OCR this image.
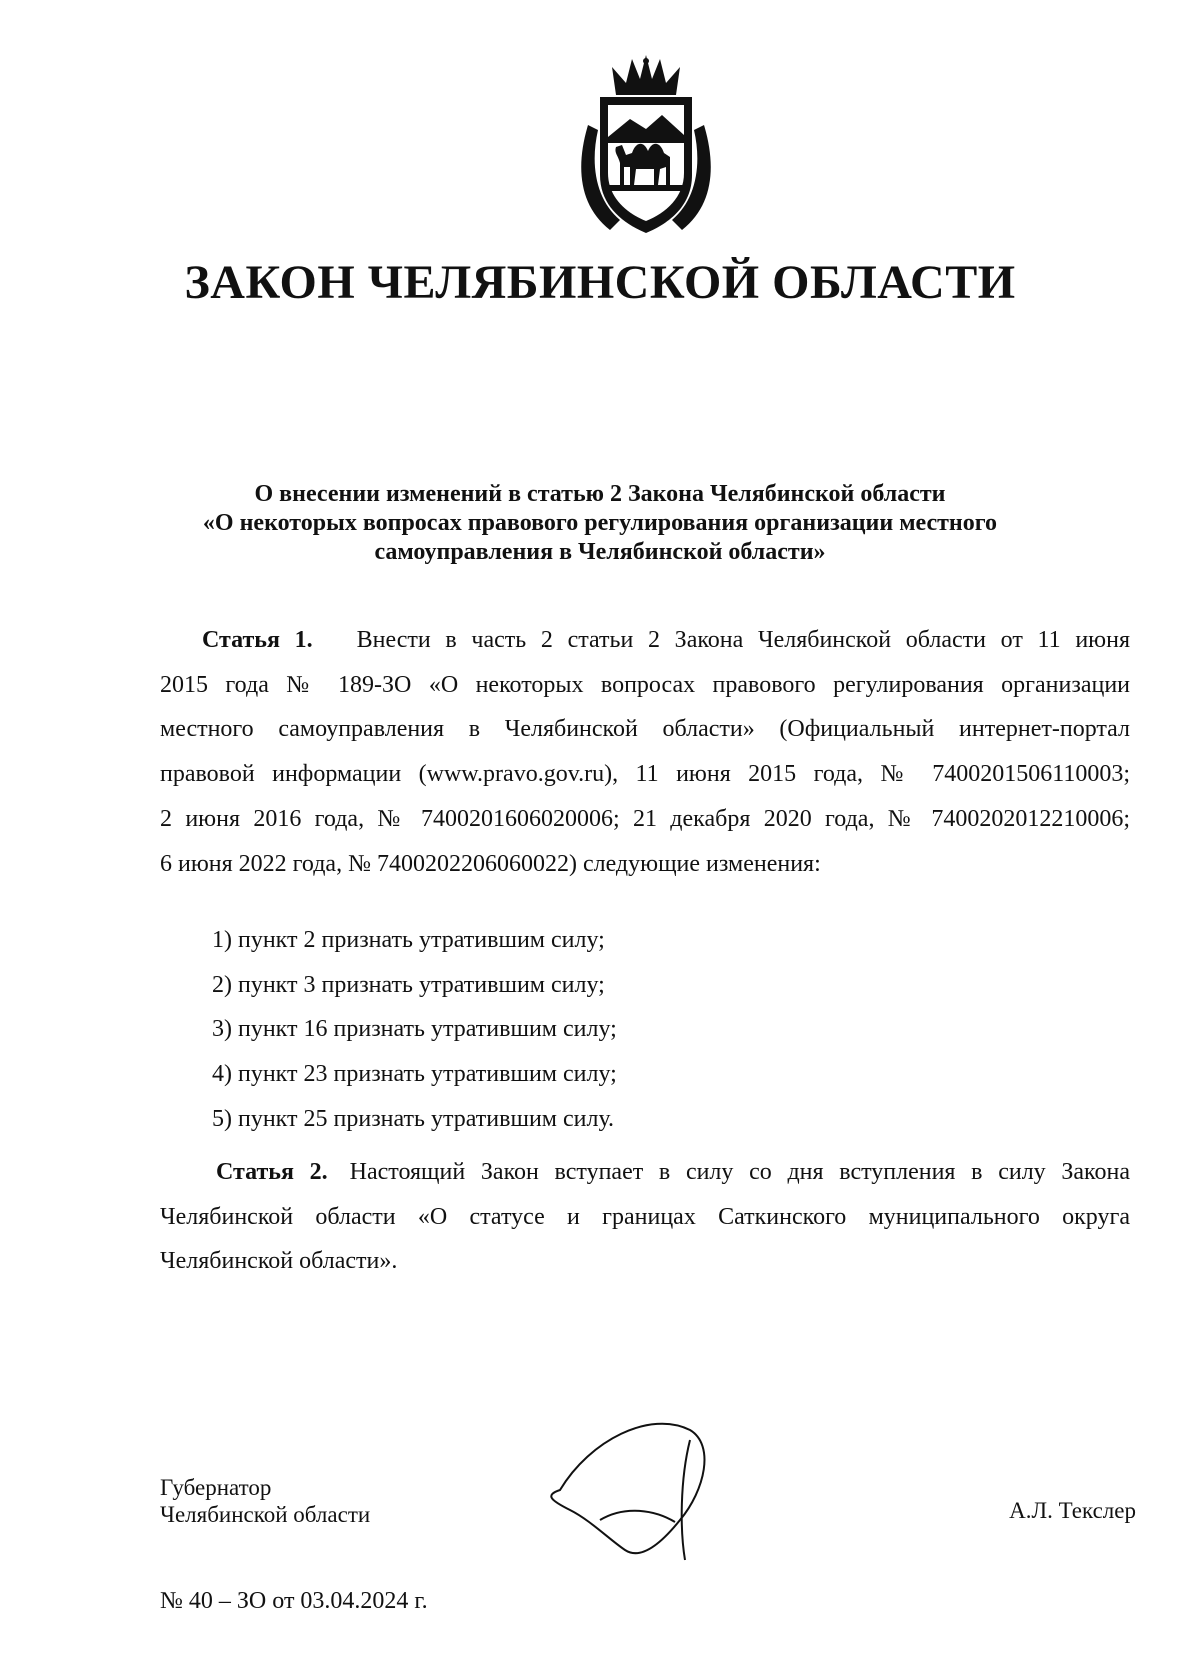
ЗАКОН ЧЕЛЯБИНСКОЙ ОБЛАСТИ
О внесении изменений в статью 2 Закона Челябинской области
«О некоторых вопросах правового регулирования организации местного
самоуправления в Челябинской области»
Статья 1. Внести в часть 2 статьи 2 Закона Челябинской области от 11 июня
2015 года № 189-ЗО «О некоторых вопросах правового регулирования организации
местного самоуправления в Челябинской области» (Официальный интернет-портал
правовой информации (www.pravo.gov.ru), 11 июня 2015 года, № 7400201506110003;
2 июня 2016 года, № 7400201606020006; 21 декабря 2020 года, № 7400202012210006;
6 июня 2022 года, № 7400202206060022) следующие изменения:
1) пункт 2 признать утратившим силу;
2) пункт 3 признать утратившим силу;
3) пункт 16 признать утратившим силу;
4) пункт 23 признать утратившим силу;
5) пункт 25 признать утратившим силу.
Статья 2. Настоящий Закон вступает в силу со дня вступления в силу Закона
Челябинской области «О статусе и границах Саткинского муниципального округа
Челябинской области».
Губернатор
Челябинской области	А.Л. Текслер
№ 40 – ЗО от 03.04.2024 г.
